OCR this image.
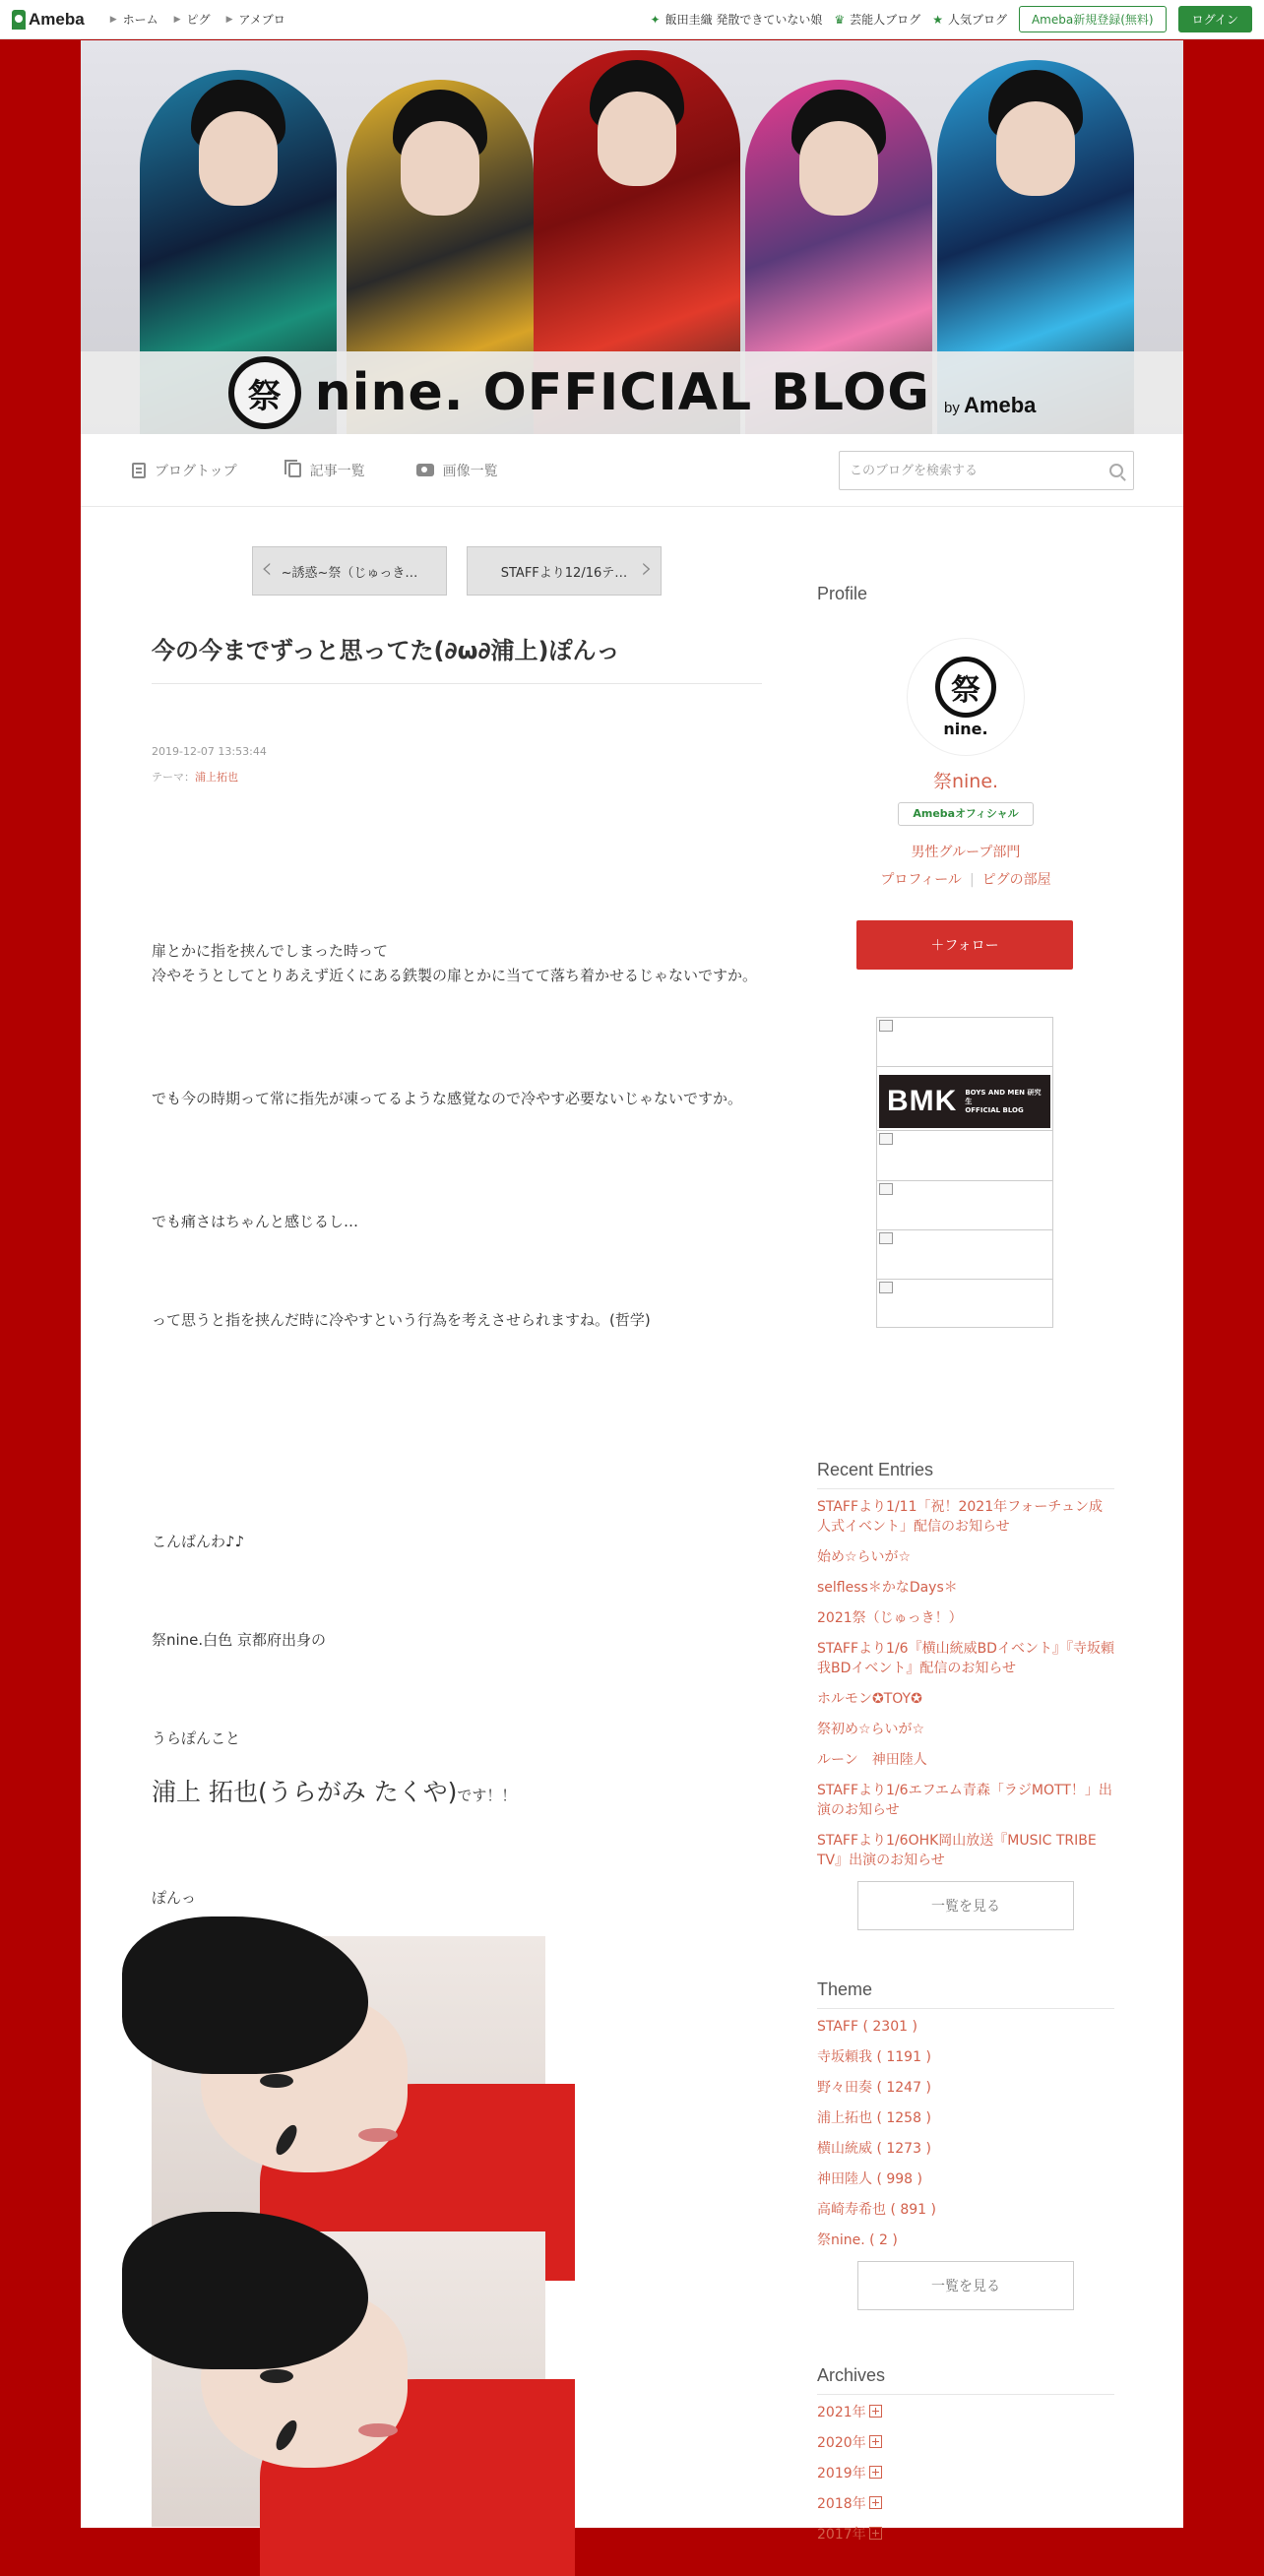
Ameba	▶ ホーム ▶ ピグ ▶ アメブロ	✦ 飯田圭織 発散できていない娘 ♛ 芸能人ブログ ★ 人気ブログ	Ameba新規登録(無料)	ログイン
祭 nine. OFFICIAL BLOG by Ameba
ブログトップ	記事一覧	画像一覧
このブログを検索する
‹ ~誘惑~祭（じゅっき…	STAFFより12/16テ… ›
今の今までずっと思ってた(∂ω∂浦上)ぽんっ
2019-12-07 13:53:44
テーマ：浦上拓也

扉とかに指を挟んでしまった時って
冷やそうとしてとりあえず近くにある鉄製の扉とかに当てて落ち着かせるじゃないですか。

でも今の時期って常に指先が凍ってるような感覚なので冷やす必要ないじゃないですか。

でも痛さはちゃんと感じるし…

って思うと指を挟んだ時に冷やすという行為を考えさせられますね。(哲学)

こんばんわ♪♪

祭nine.白色 京都府出身の

うらぽんこと

浦上 拓也(うらがみ たくや)です！！

ぽんっ

Profile
祭
nine.
祭nine.
Amebaオフィシャル
男性グループ部門
プロフィール | ピグの部屋
＋フォロー
BMK BOYS AND MEN 研究生
OFFICIAL BLOG
Recent Entries
STAFFより1/11「祝！2021年フォーチュン成人式イベント」配信のお知らせ
始め☆らいが☆
selfless＊かなDays＊
2021祭（じゅっき！）
STAFFより1/6『横山統威BDイベント』『寺坂頼我BDイベント』配信のお知らせ
ホルモン✪TOY✪
祭初め☆らいが☆
ルーン　神田陸人
STAFFより1/6エフエム青森「ラジMOTT！」出演のお知らせ
STAFFより1/6OHK岡山放送『MUSIC TRIBE TV』出演のお知らせ
一覧を見る
Theme
STAFF ( 2301 )
寺坂頼我 ( 1191 )
野々田奏 ( 1247 )
浦上拓也 ( 1258 )
横山統威 ( 1273 )
神田陸人 ( 998 )
高崎寿希也 ( 891 )
祭nine. ( 2 )
一覧を見る
Archives
2021年
2020年
2019年
2018年
2017年
